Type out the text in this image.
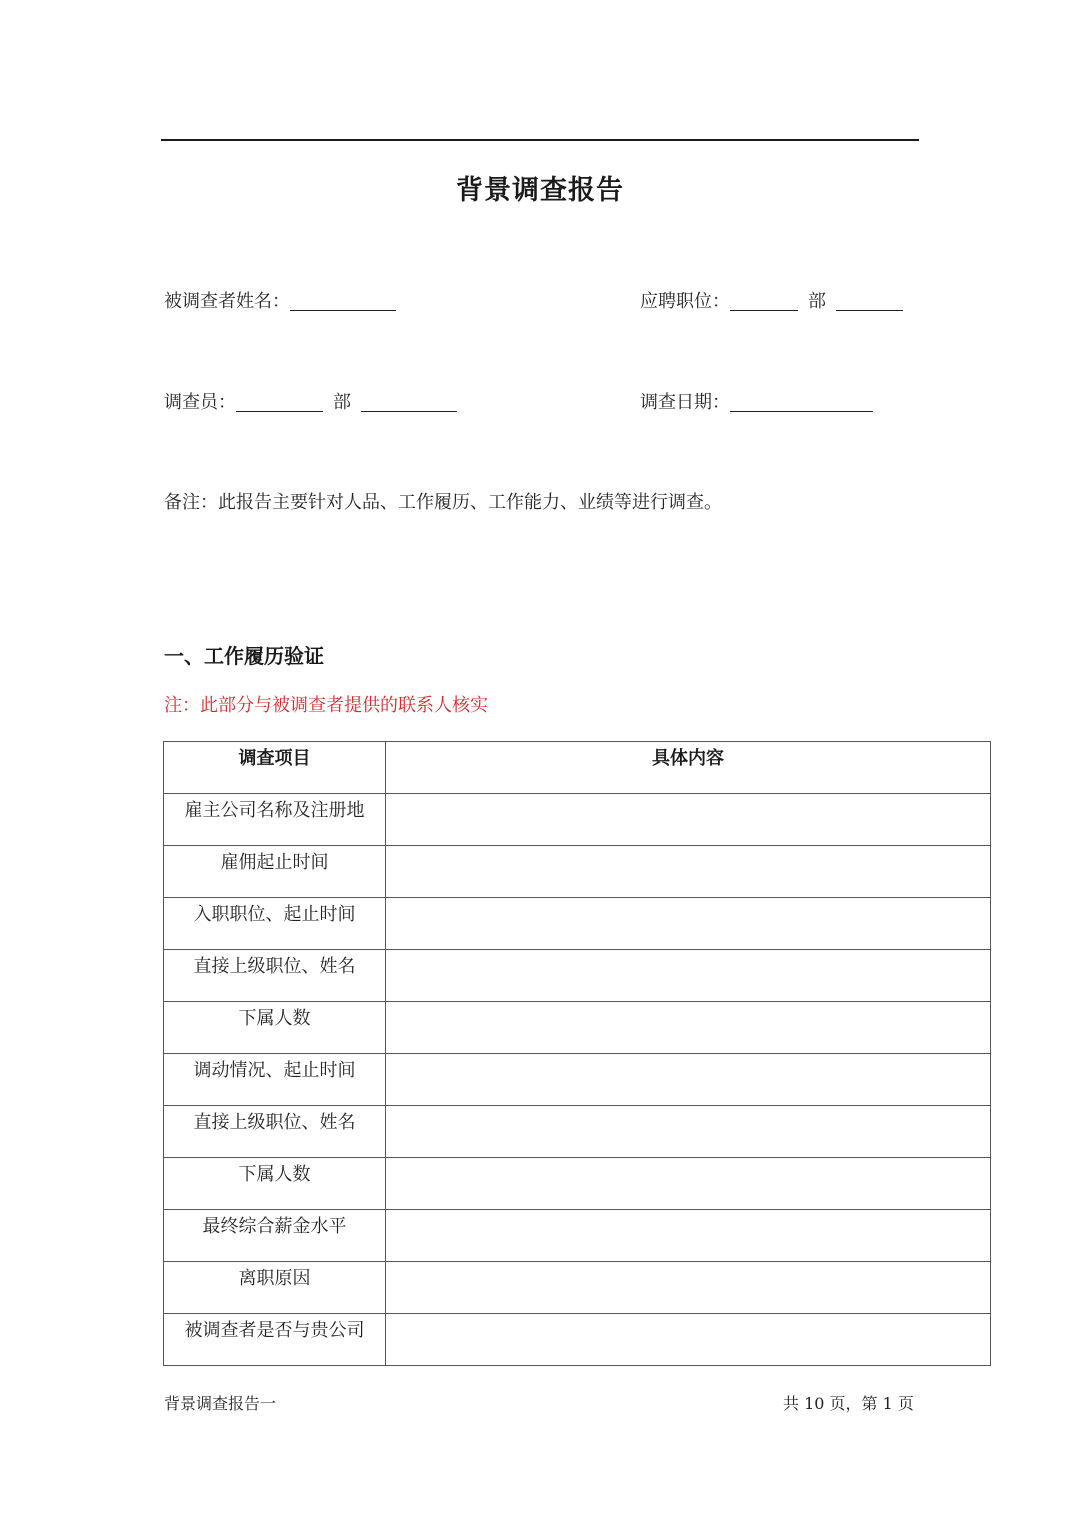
背景调查报告
被调查者姓名：	应聘职位：	部
调查员：	部	调查日期：
备注：此报告主要针对人品、工作履历、工作能力、业绩等进行调查。
一、工作履历验证
注：此部分与被调查者提供的联系人核实
调查项目	具体内容

雇主公司名称及注册地	

雇佣起止时间	

入职职位、起止时间	

直接上级职位、姓名	

下属人数	

调动情况、起止时间	

直接上级职位、姓名	

下属人数	

最终综合薪金水平	

离职原因	

被调查者是否与贵公司	

背景调查报告一	共 10 页，第 1 页
